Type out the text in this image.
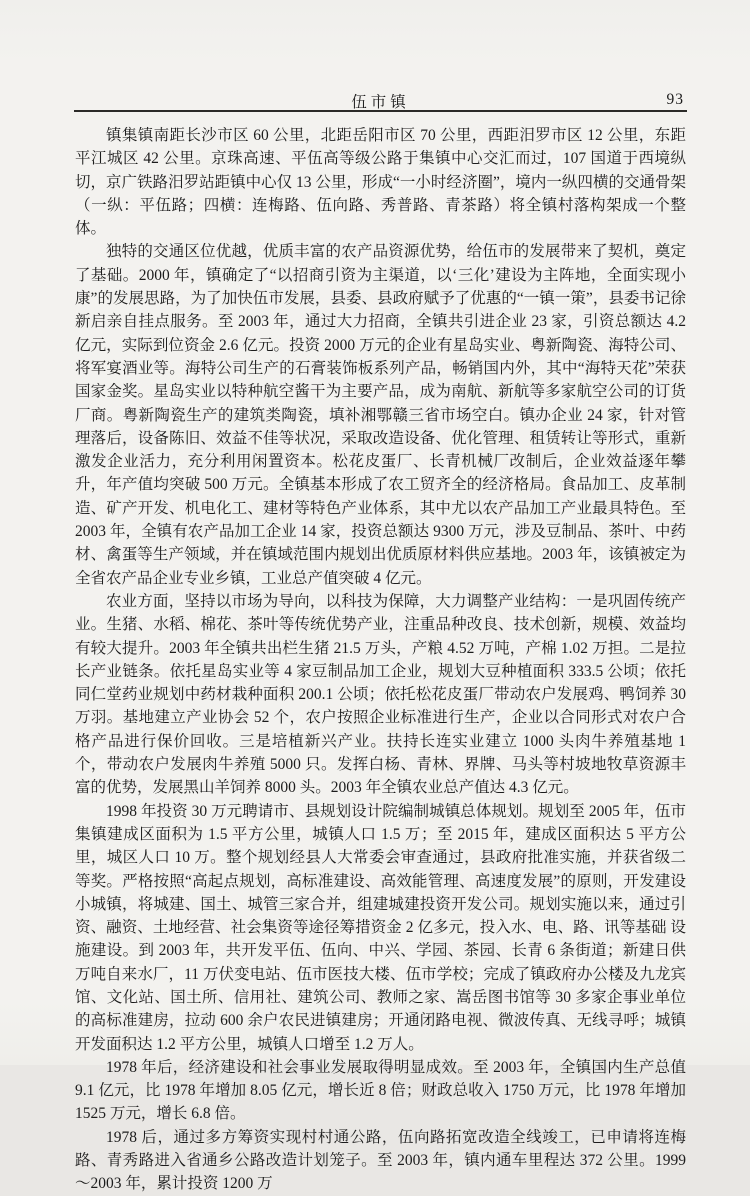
伍市镇	93

镇集镇南距长沙市区 60 公里，北距岳阳市区 70 公里，西距汨罗市区 12 公里，东距平江城区 42 公里。京珠高速、平伍高等级公路于集镇中心交汇而过，107 国道于西境纵切，京广铁路汨罗站距镇中心仅 13 公里，形成“一小时经济圈”，境内一纵四横的交通骨架（一纵：平伍路；四横：连梅路、伍向路、秀普路、青茶路）将全镇村落构架成一个整体。

独特的交通区位优越，优质丰富的农产品资源优势，给伍市的发展带来了契机，奠定了基础。2000 年，镇确定了“以招商引资为主渠道，以‘三化’建设为主阵地，全面实现小康”的发展思路，为了加快伍市发展，县委、县政府赋予了优惠的“一镇一策”，县委书记徐新启亲自挂点服务。至 2003 年，通过大力招商，全镇共引进企业 23 家，引资总额达 4.2 亿元，实际到位资金 2.6 亿元。投资 2000 万元的企业有星岛实业、粤新陶瓷、海特公司、将军宴酒业等。海特公司生产的石膏装饰板系列产品，畅销国内外，其中“海特天花”荣获国家金奖。星岛实业以特种航空酱干为主要产品，成为南航、新航等多家航空公司的订货厂商。粤新陶瓷生产的建筑类陶瓷，填补湘鄂赣三省市场空白。镇办企业 24 家，针对管理落后，设备陈旧、效益不佳等状况，采取改造设备、优化管理、租赁转让等形式，重新激发企业活力，充分利用闲置资本。松花皮蛋厂、长青机械厂改制后，企业效益逐年攀升，年产值均突破 500 万元。全镇基本形成了农工贸齐全的经济格局。食品加工、皮革制造、矿产开发、机电化工、建材等特色产业体系，其中尤以农产品加工产业最具特色。至 2003 年，全镇有农产品加工企业 14 家，投资总额达 9300 万元，涉及豆制品、茶叶、中药材、禽蛋等生产领域，并在镇域范围内规划出优质原材料供应基地。2003 年，该镇被定为全省农产品企业专业乡镇，工业总产值突破 4 亿元。

农业方面，坚持以市场为导向，以科技为保障，大力调整产业结构：一是巩固传统产业。生猪、水稻、棉花、茶叶等传统优势产业，注重品种改良、技术创新，规模、效益均有较大提升。2003 年全镇共出栏生猪 21.5 万头，产粮 4.52 万吨，产棉 1.02 万担。二是拉长产业链条。依托星岛实业等 4 家豆制品加工企业，规划大豆种植面积 333.5 公顷；依托同仁堂药业规划中药材栽种面积 200.1 公顷；依托松花皮蛋厂带动农户发展鸡、鸭饲养 30 万羽。基地建立产业协会 52 个，农户按照企业标准进行生产，企业以合同形式对农户合格产品进行保价回收。三是培植新兴产业。扶持长连实业建立 1000 头肉牛养殖基地 1 个，带动农户发展肉牛养殖 5000 只。发挥白杨、青林、界牌、马头等村坡地牧草资源丰富的优势，发展黑山羊饲养 8000 头。2003 年全镇农业总产值达 4.3 亿元。

1998 年投资 30 万元聘请市、县规划设计院编制城镇总体规划。规划至 2005 年，伍市集镇建成区面积为 1.5 平方公里，城镇人口 1.5 万；至 2015 年，建成区面积达 5 平方公里，城区人口 10 万。整个规划经县人大常委会审查通过，县政府批准实施，并获省级二等奖。严格按照“高起点规划，高标准建设、高效能管理、高速度发展”的原则，开发建设小城镇，将城建、国土、城管三家合并，组建城建投资开发公司。规划实施以来，通过引资、融资、土地经营、社会集资等途径筹措资金 2 亿多元，投入水、电、路、讯等基础 设施建设。到 2003 年，共开发平伍、伍向、中兴、学园、茶园、长青 6 条街道；新建日供万吨自来水厂，11 万伏变电站、伍市医技大楼、伍市学校；完成了镇政府办公楼及九龙宾馆、文化站、国土所、信用社、建筑公司、教师之家、嵩岳图书馆等 30 多家企事业单位的高标准建房，拉动 600 余户农民进镇建房；开通闭路电视、微波传真、无线寻呼；城镇开发面积达 1.2 平方公里，城镇人口增至 1.2 万人。

1978 年后，经济建设和社会事业发展取得明显成效。至 2003 年，全镇国内生产总值 9.1 亿元，比 1978 年增加 8.05 亿元，增长近 8 倍；财政总收入 1750 万元，比 1978 年增加 1525 万元，增长 6.8 倍。

1978 后，通过多方筹资实现村村通公路，伍向路拓宽改造全线竣工，已申请将连梅路、青秀路进入省通乡公路改造计划笼子。至 2003 年，镇内通车里程达 372 公里。1999～2003 年，累计投资 1200 万
